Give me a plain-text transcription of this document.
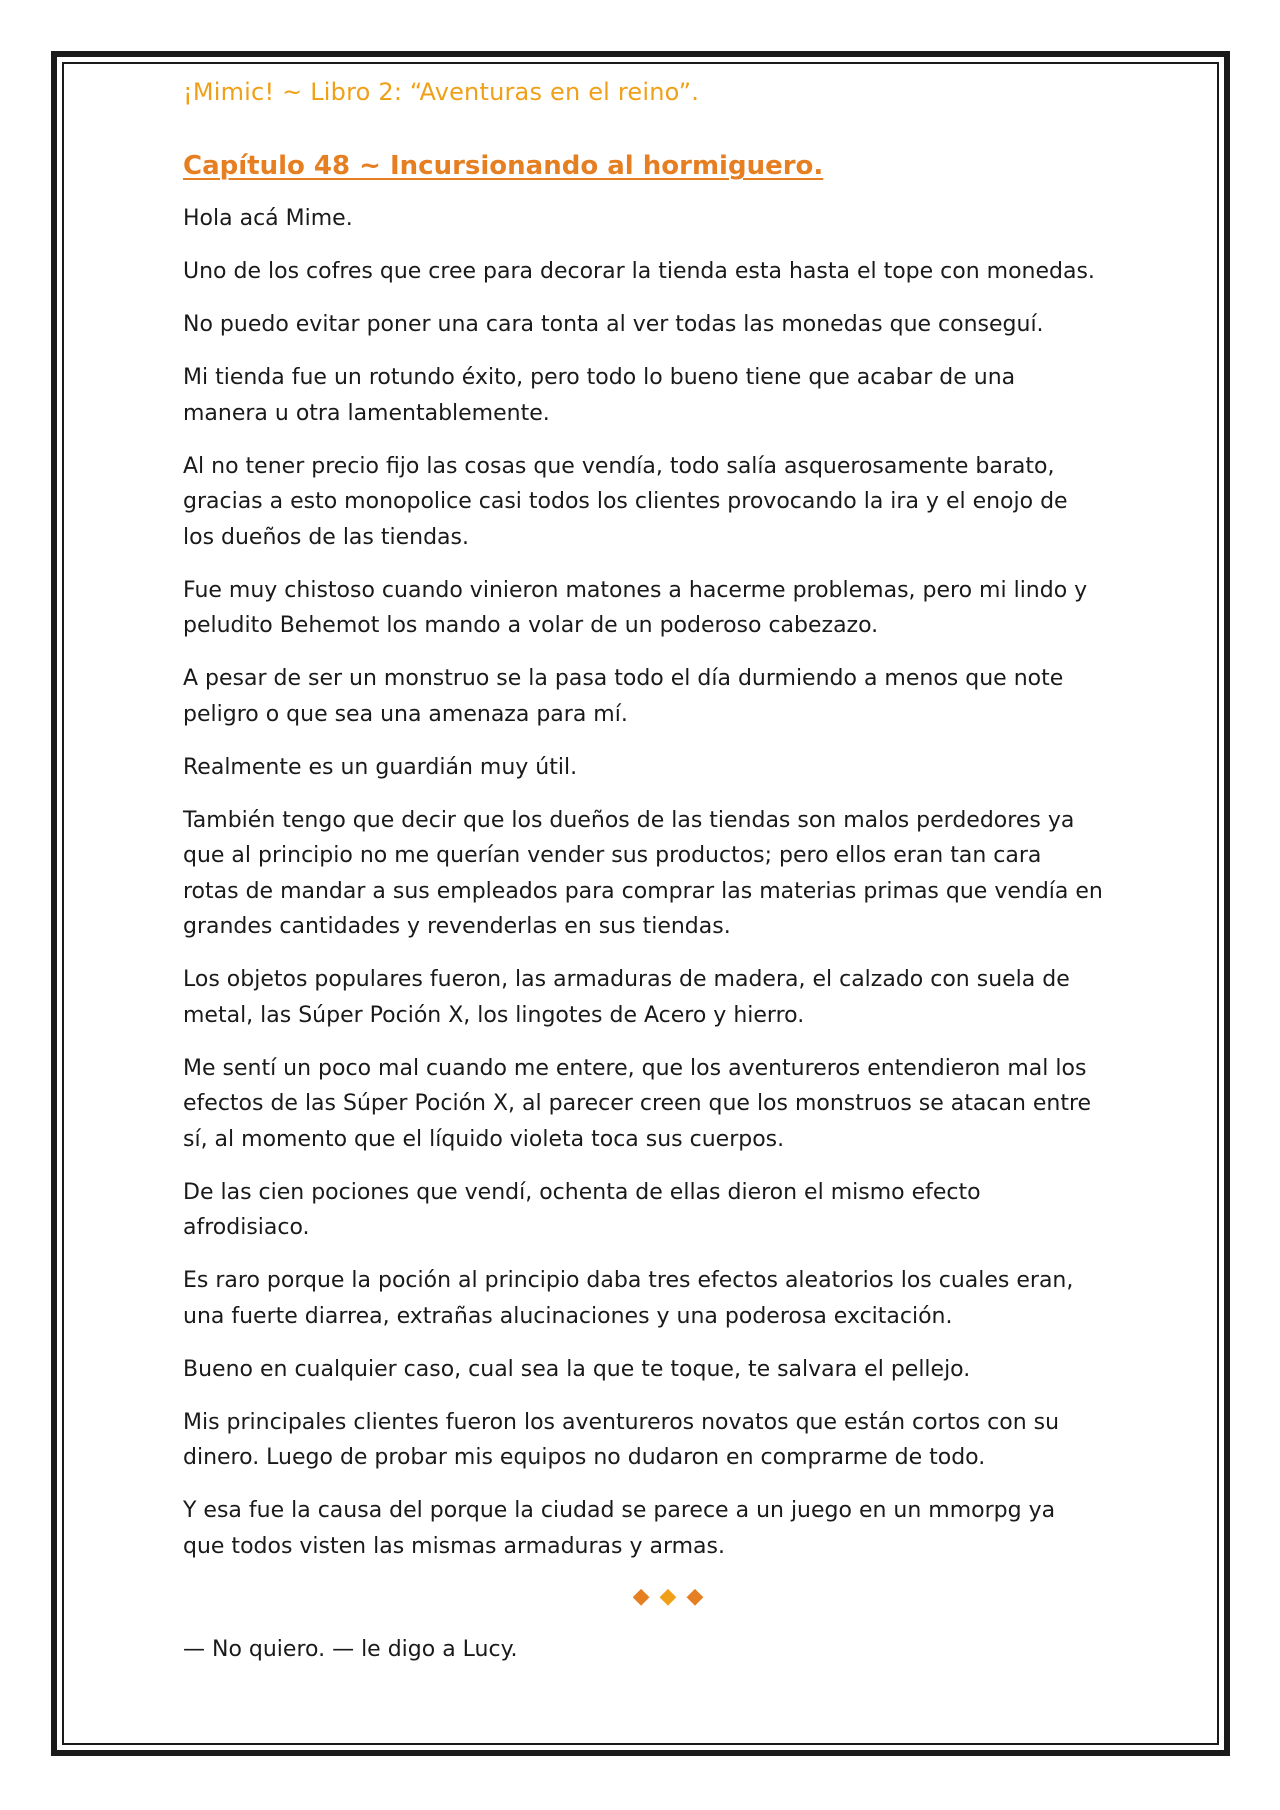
¡Mimic! ~ Libro 2: “Aventuras en el reino”.

Capítulo 48 ~ Incursionando al hormiguero.

Hola acá Mime.

Uno de los cofres que cree para decorar la tienda esta hasta el tope con monedas.

No puedo evitar poner una cara tonta al ver todas las monedas que conseguí.

Mi tienda fue un rotundo éxito, pero todo lo bueno tiene que acabar de una manera u otra lamentablemente.

Al no tener precio fijo las cosas que vendía, todo salía asquerosamente barato, gracias a esto monopolice casi todos los clientes provocando la ira y el enojo de los dueños de las tiendas.

Fue muy chistoso cuando vinieron matones a hacerme problemas, pero mi lindo y peludito Behemot los mando a volar de un poderoso cabezazo.

A pesar de ser un monstruo se la pasa todo el día durmiendo a menos que note peligro o que sea una amenaza para mí.

Realmente es un guardián muy útil.

También tengo que decir que los dueños de las tiendas son malos perdedores ya que al principio no me querían vender sus productos; pero ellos eran tan cara rotas de mandar a sus empleados para comprar las materias primas que vendía en grandes cantidades y revenderlas en sus tiendas.

Los objetos populares fueron, las armaduras de madera, el calzado con suela de metal, las Súper Poción X, los lingotes de Acero y hierro.

Me sentí un poco mal cuando me entere, que los aventureros entendieron mal los efectos de las Súper Poción X, al parecer creen que los monstruos se atacan entre sí, al momento que el líquido violeta toca sus cuerpos.

De las cien pociones que vendí, ochenta de ellas dieron el mismo efecto afrodisiaco.

Es raro porque la poción al principio daba tres efectos aleatorios los cuales eran, una fuerte diarrea, extrañas alucinaciones y una poderosa excitación.

Bueno en cualquier caso, cual sea la que te toque, te salvara el pellejo.

Mis principales clientes fueron los aventureros novatos que están cortos con su dinero. Luego de probar mis equipos no dudaron en comprarme de todo.

Y esa fue la causa del porque la ciudad se parece a un juego en un mmorpg ya que todos visten las mismas armaduras y armas.

◆◆◆

— No quiero. — le digo a Lucy.
